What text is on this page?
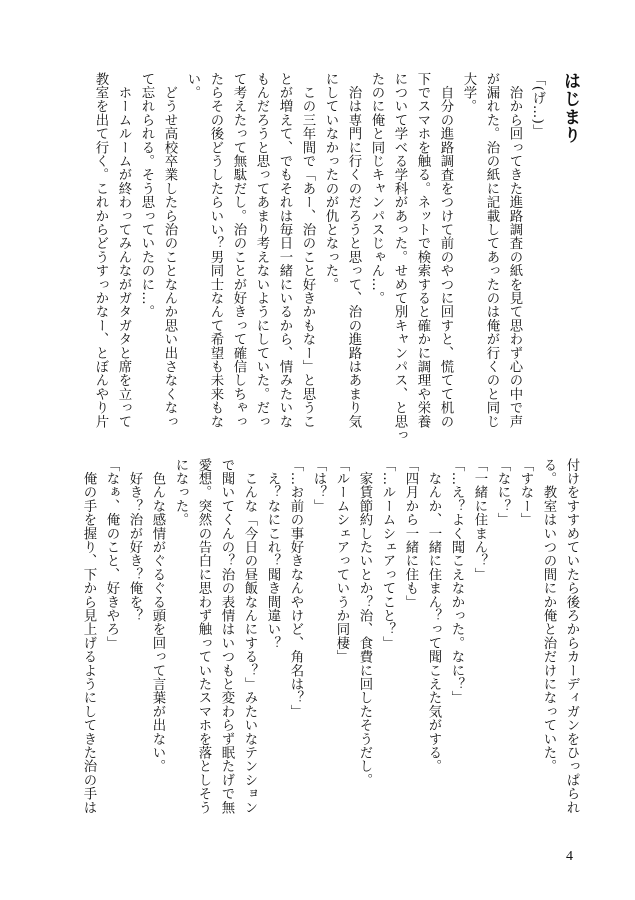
はじまり
「(げ…)」
　治から回ってきた進路調査の紙を見て思わず心の中で声
が漏れた。治の紙に記載してあったのは俺が行くのと同じ
大学。
　自分の進路調査をつけて前のやつに回すと、慌てて机の
下でスマホを触る。ネットで検索すると確かに調理や栄養
について学べる学科があった。せめて別キャンパス、と思っ
たのに俺と同じキャンパスじゃん…。
　治は専門に行くのだろうと思って、治の進路はあまり気
にしていなかったのが仇となった。
　この三年間で「あー、治のこと好きかもなー」と思うこ
とが増えて、でもそれは毎日一緒にいるから、情みたいな
もんだろうと思ってあまり考えないようにしていた。だっ
て考えたって無駄だし。治のことが好きって確信しちゃっ
たらその後どうしたらいい？男同士なんて希望も未来もな
い。
　どうせ高校卒業したら治のことなんか思い出さなくなっ
て忘れられる。そう思っていたのに…。
　ホームルームが終わってみんながガタガタと席を立って
教室を出て行く。これからどうすっかなー、とぼんやり片
付けをすすめていたら後ろからカーディガンをひっぱられ
る。教室はいつの間にか俺と治だけになっていた。
「すなー」
「なに？」
「一緒に住まん？」
「…え？よく聞こえなかった。なに？」
　なんか、一緒に住まん？って聞こえた気がする。
「四月から一緒に住も」
「…ルームシェアってこと？」
　家賃節約したいとか？治、食費に回したそうだし。
「ルームシェアっていうか同棲」
「は？」
「…お前の事好きなんやけど、角名は？」
　え？なにこれ？聞き間違い？
　こんな「今日の昼飯なんにする？」みたいなテンション
で聞いてくんの？治の表情はいつもと変わらず眠たげで無
愛想。突然の告白に思わず触っていたスマホを落としそう
になった。
　色んな感情がぐるぐる頭を回って言葉が出ない。
　好き？治が好き？俺を？
「なぁ、俺のこと、好きやろ」
　俺の手を握り、下から見上げるようにしてきた治の手は
4
